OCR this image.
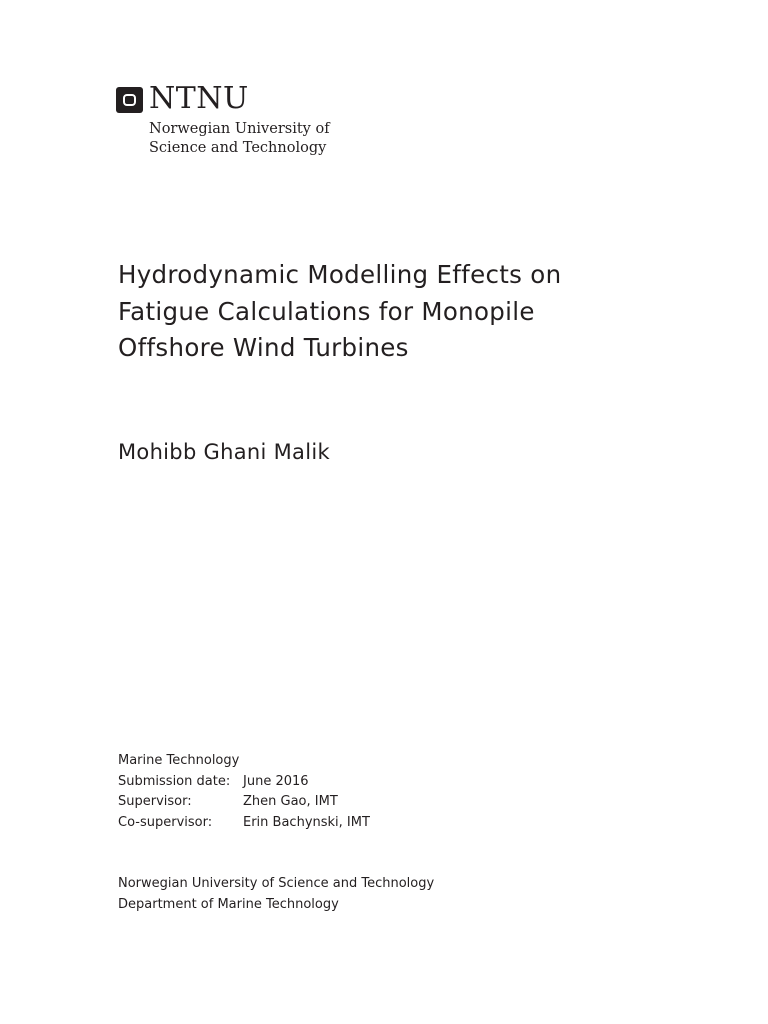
NTNU
Norwegian University of
Science and Technology
Hydrodynamic Modelling Effects on
Fatigue Calculations for Monopile
Offshore Wind Turbines
Mohibb Ghani Malik
Marine Technology
Submission date: June 2016
Supervisor:	Zhen Gao, IMT
Co-supervisor:	Erin Bachynski, IMT
Norwegian University of Science and Technology
Department of Marine Technology
